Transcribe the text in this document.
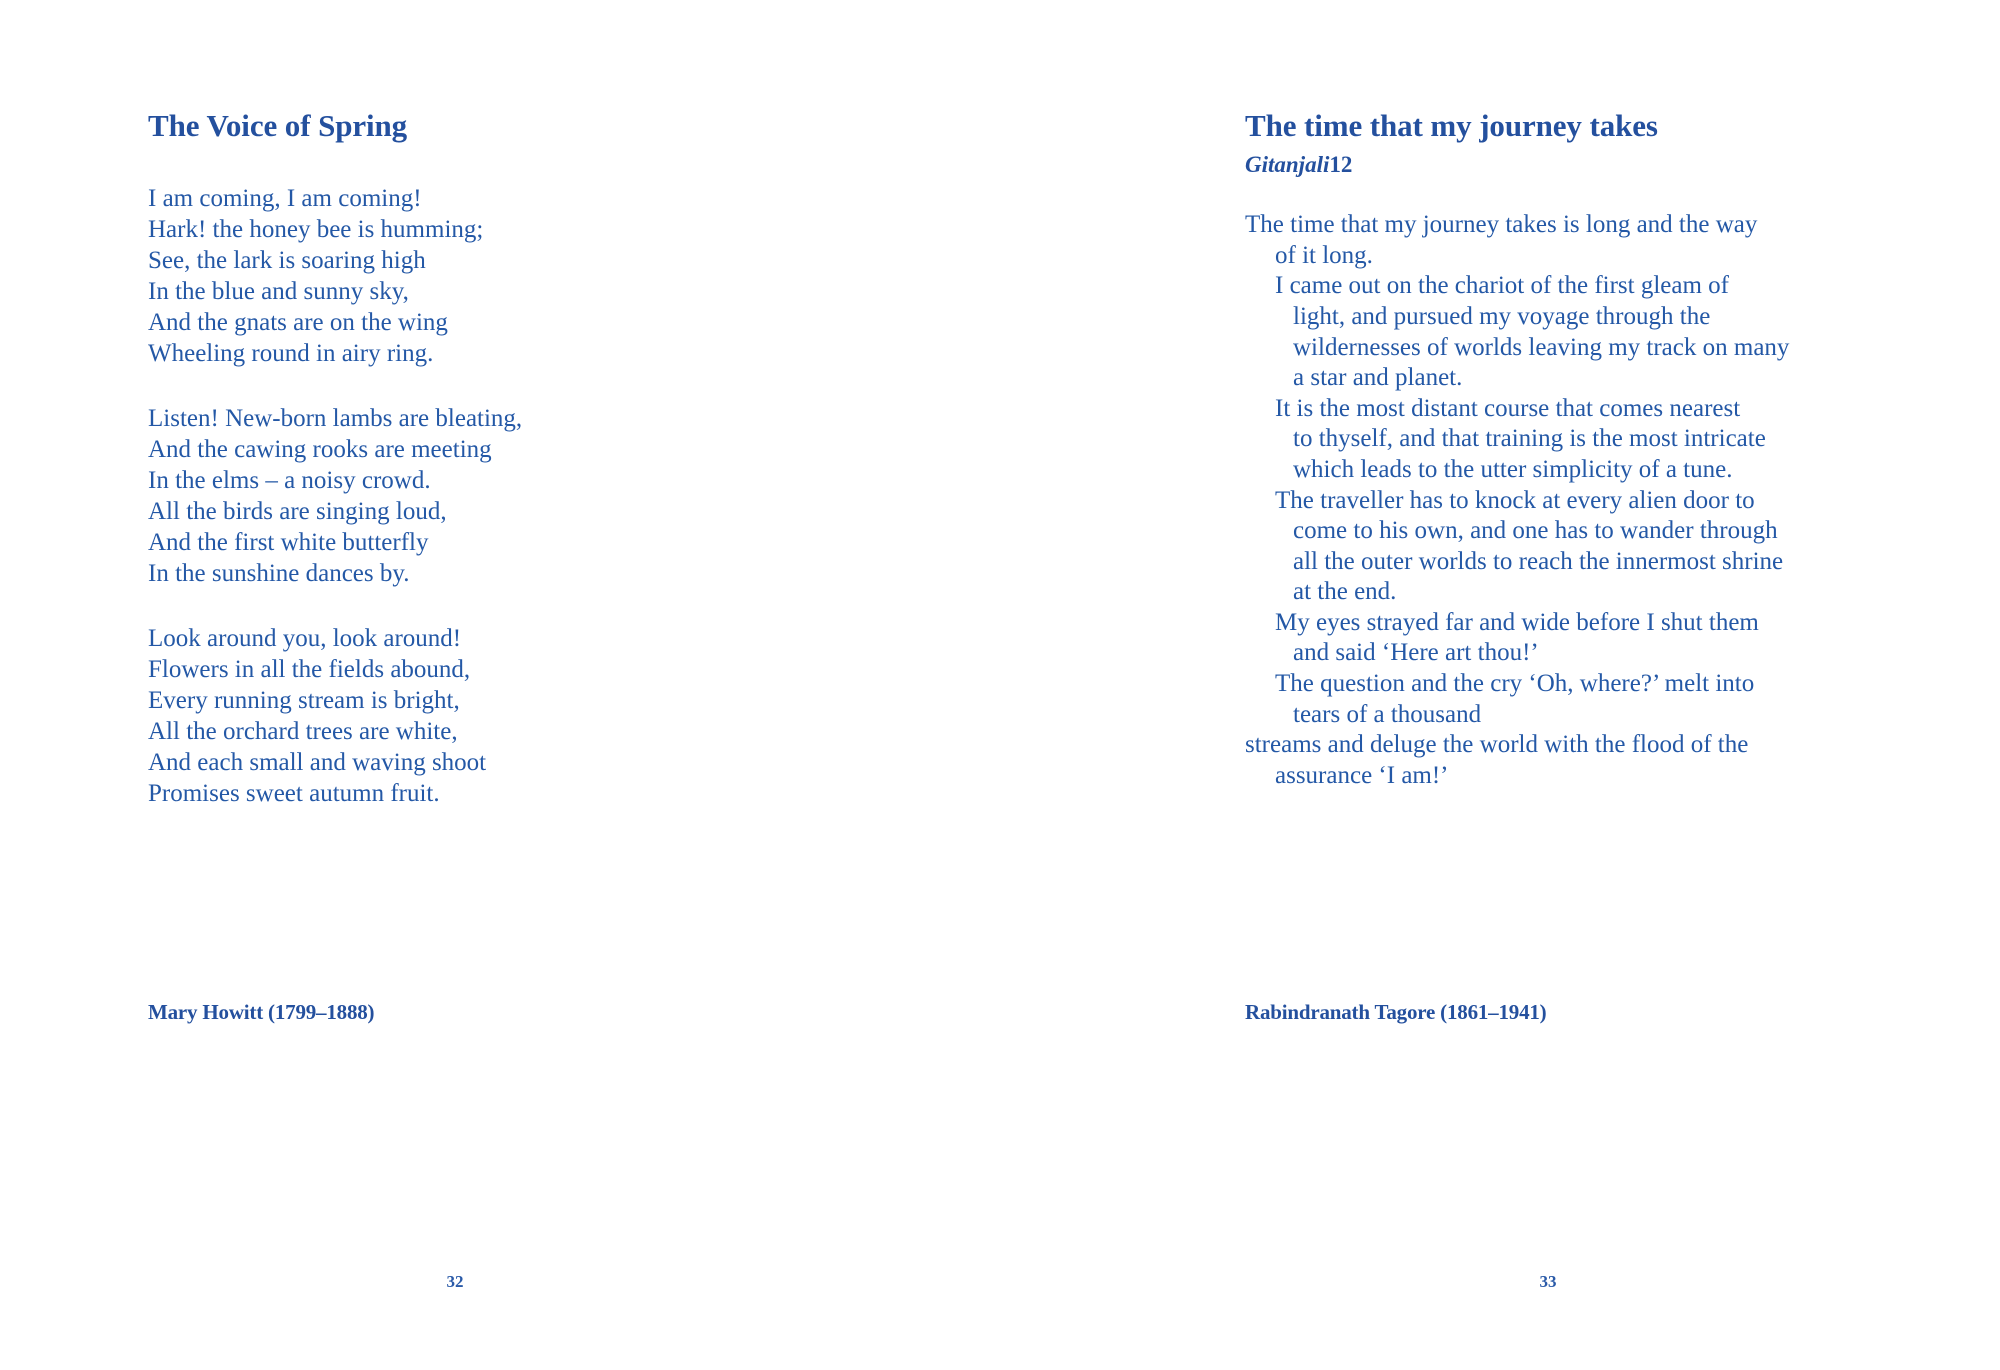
The Voice of Spring
I am coming, I am coming!
Hark! the honey bee is humming;
See, the lark is soaring high
In the blue and sunny sky,
And the gnats are on the wing
Wheeling round in airy ring.
Listen! New-born lambs are bleating,
And the cawing rooks are meeting
In the elms – a noisy crowd.
All the birds are singing loud,
And the first white butterfly
In the sunshine dances by.
Look around you, look around!
Flowers in all the fields abound,
Every running stream is bright,
All the orchard trees are white,
And each small and waving shoot
Promises sweet autumn fruit.
Mary Howitt (1799–1888)
32
The time that my journey takes
Gitanjali12
The time that my journey takes is long and the way
of it long.
I came out on the chariot of the first gleam of
light, and pursued my voyage through the
wildernesses of worlds leaving my track on many
a star and planet.
It is the most distant course that comes nearest
to thyself, and that training is the most intricate
which leads to the utter simplicity of a tune.
The traveller has to knock at every alien door to
come to his own, and one has to wander through
all the outer worlds to reach the innermost shrine
at the end.
My eyes strayed far and wide before I shut them
and said ‘Here art thou!’
The question and the cry ‘Oh, where?’ melt into
tears of a thousand
streams and deluge the world with the flood of the
assurance ‘I am!’
Rabindranath Tagore (1861–1941)
33
